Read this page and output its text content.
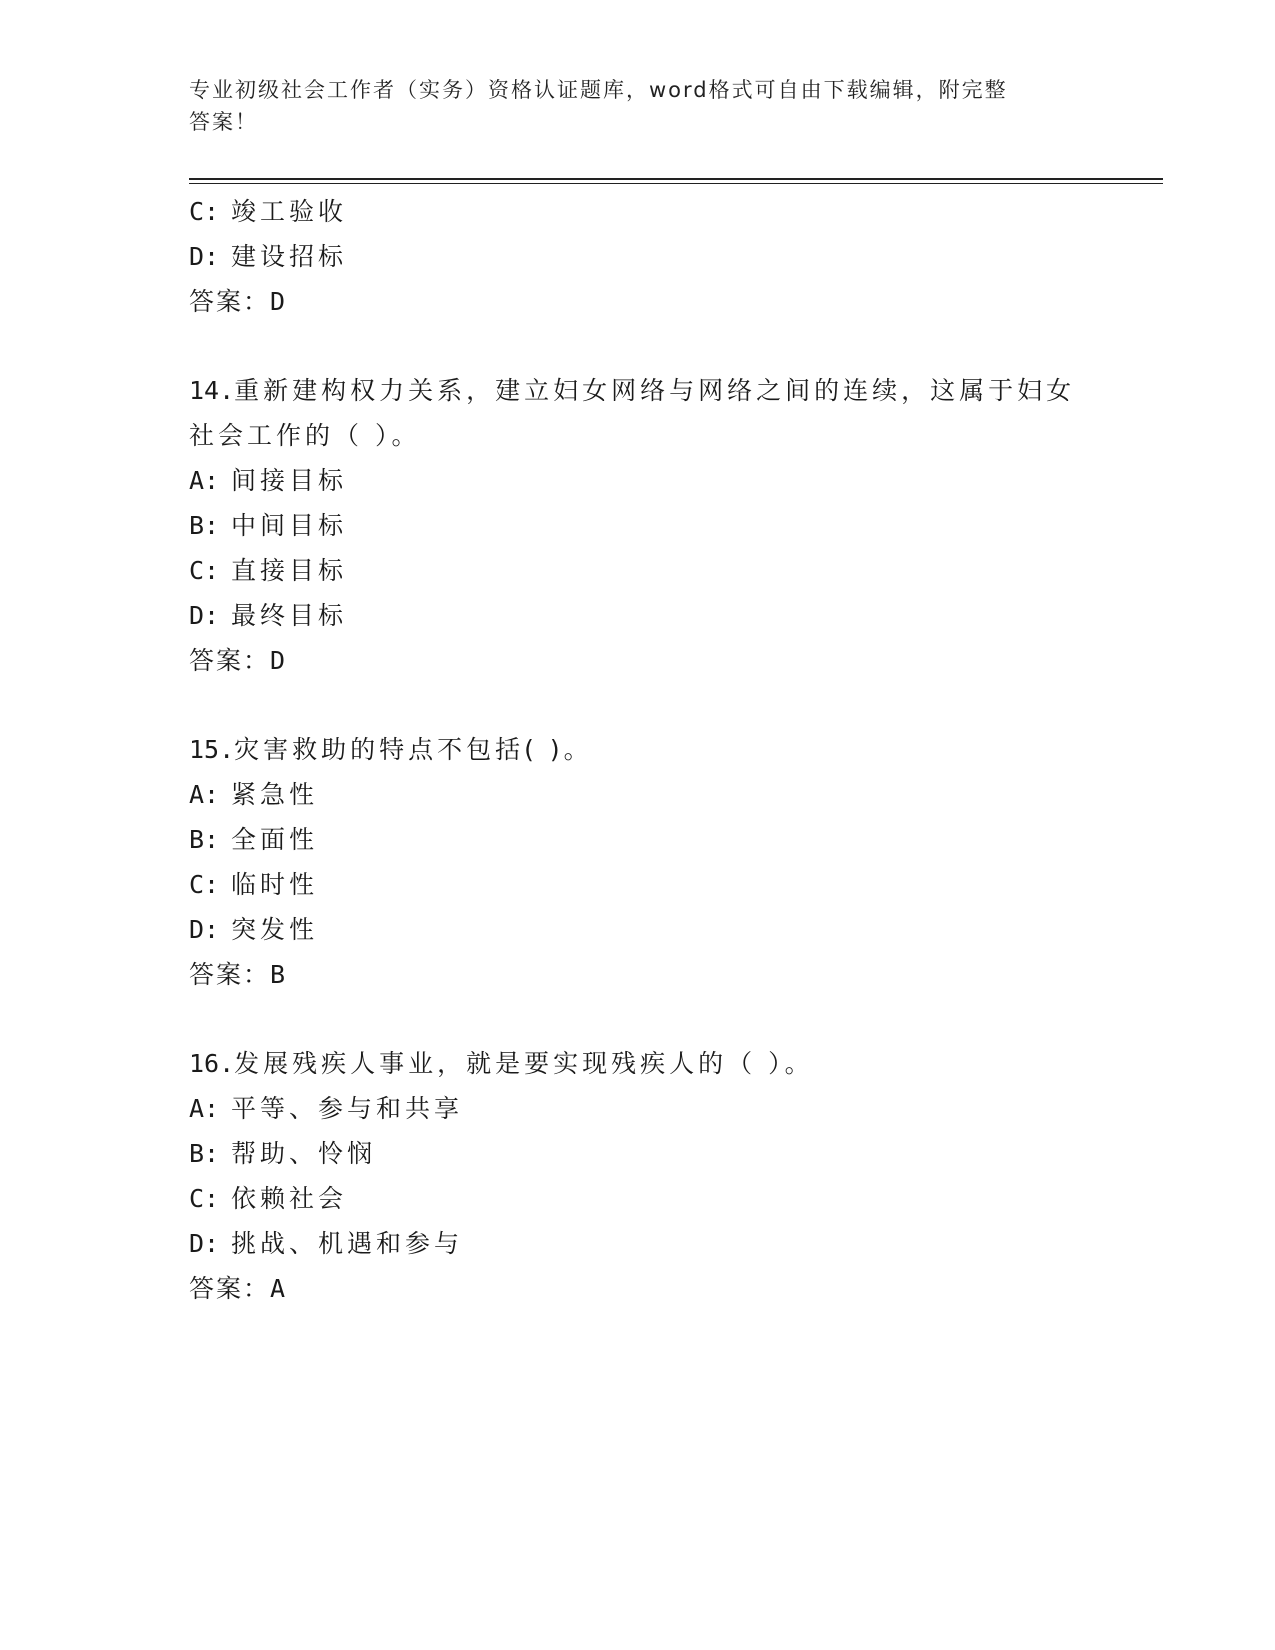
专业初级社会工作者（实务）资格认证题库，word格式可自由下载编辑，附完整
答案！
C: 竣工验收
D: 建设招标
答案：D
14.重新建构权力关系，建立妇女网络与网络之间的连续，这属于妇女
社会工作的（ ）。
A: 间接目标
B: 中间目标
C: 直接目标
D: 最终目标
答案：D
15.灾害救助的特点不包括( )。
A: 紧急性
B: 全面性
C: 临时性
D: 突发性
答案：B
16.发展残疾人事业，就是要实现残疾人的（ ）。
A: 平等、参与和共享
B: 帮助、怜悯
C: 依赖社会
D: 挑战、机遇和参与
答案：A
